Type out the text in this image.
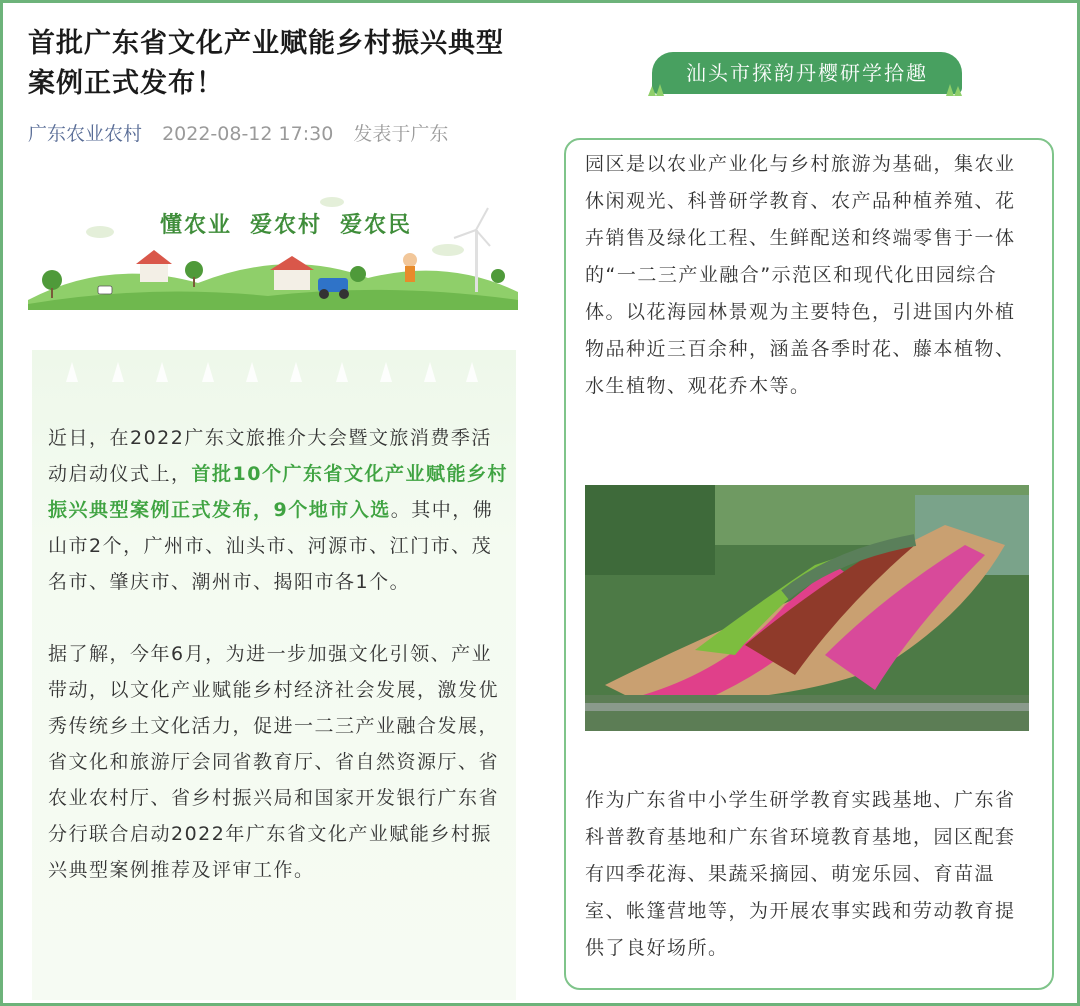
首批广东省文化产业赋能乡村振兴典型案例正式发布！
广东农业农村 2022-08-12 17:30 发表于广东
懂农业 爱农村 爱农民

近日，在2022广东文旅推介大会暨文旅消费季活动启动仪式上，首批10个广东省文化产业赋能乡村振兴典型案例正式发布，9个地市入选。其中，佛山市2个，广州市、汕头市、河源市、江门市、茂名市、肇庆市、潮州市、揭阳市各1个。

据了解，今年6月，为进一步加强文化引领、产业带动，以文化产业赋能乡村经济社会发展，激发优秀传统乡土文化活力，促进一二三产业融合发展，省文化和旅游厅会同省教育厅、省自然资源厅、省农业农村厅、省乡村振兴局和国家开发银行广东省分行联合启动2022年广东省文化产业赋能乡村振兴典型案例推荐及评审工作。

汕头市探韵丹樱研学拾趣
园区是以农业产业化与乡村旅游为基础，集农业休闲观光、科普研学教育、农产品种植养殖、花卉销售及绿化工程、生鲜配送和终端零售于一体的“一二三产业融合”示范区和现代化田园综合体。以花海园林景观为主要特色，引进国内外植物品种近三百余种，涵盖各季时花、藤本植物、水生植物、观花乔木等。
作为广东省中小学生研学教育实践基地、广东省科普教育基地和广东省环境教育基地，园区配套有四季花海、果蔬采摘园、萌宠乐园、育苗温室、帐篷营地等，为开展农事实践和劳动教育提供了良好场所。
